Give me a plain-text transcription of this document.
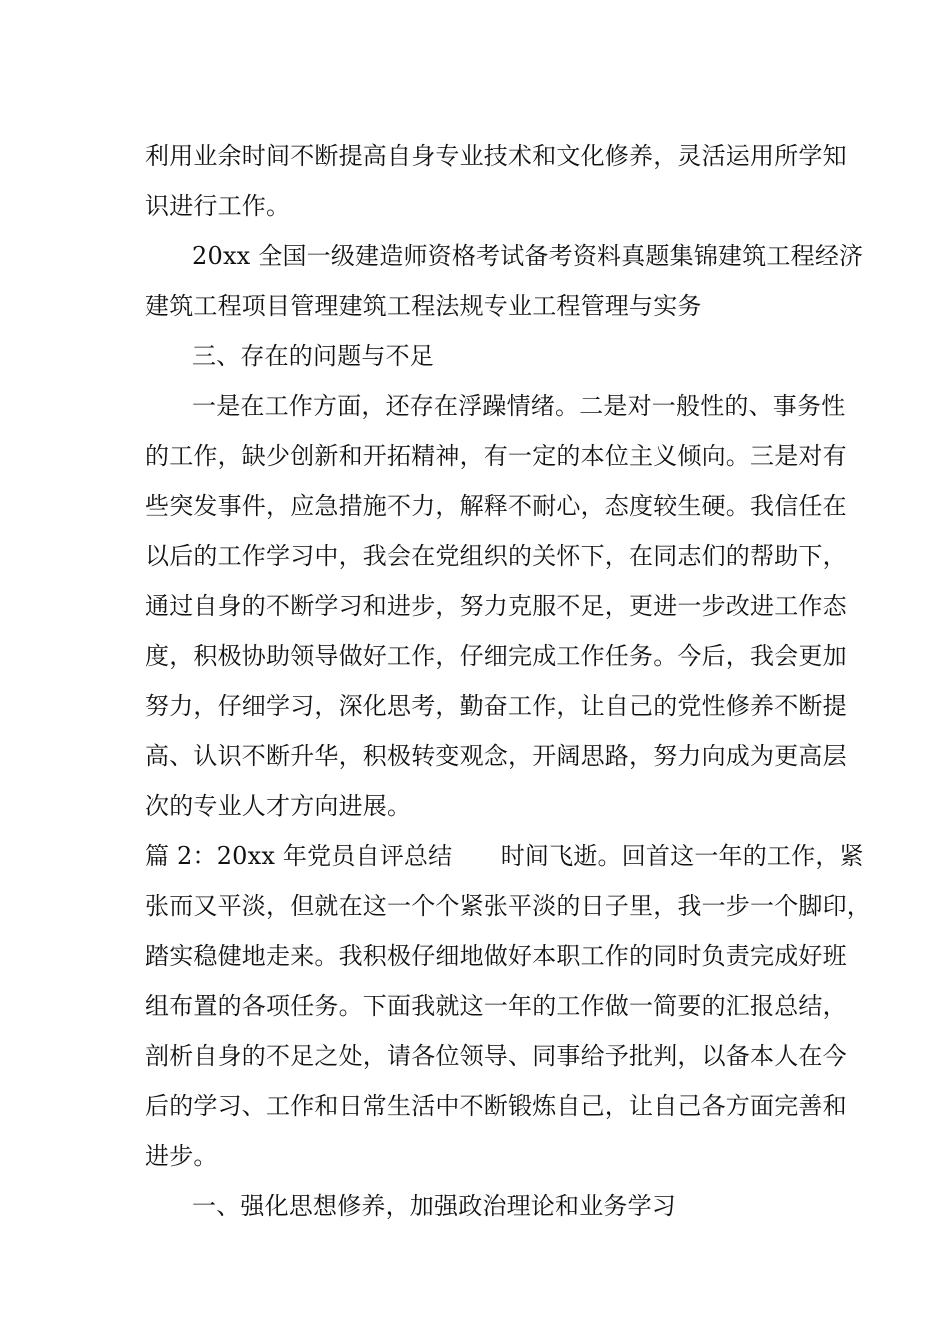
利用业余时间不断提高自身专业技术和文化修养，灵活运用所学知
识进行工作。
20xx 全国一级建造师资格考试备考资料真题集锦建筑工程经济
建筑工程项目管理建筑工程法规专业工程管理与实务
三、存在的问题与不足
一是在工作方面，还存在浮躁情绪。二是对一般性的、事务性
的工作，缺少创新和开拓精神，有一定的本位主义倾向。三是对有
些突发事件，应急措施不力，解释不耐心，态度较生硬。我信任在
以后的工作学习中，我会在党组织的关怀下，在同志们的帮助下，
通过自身的不断学习和进步，努力克服不足，更进一步改进工作态
度，积极协助领导做好工作，仔细完成工作任务。今后，我会更加
努力，仔细学习，深化思考，勤奋工作，让自己的党性修养不断提
高、认识不断升华，积极转变观念，开阔思路，努力向成为更高层
次的专业人才方向进展。
篇 2：20xx 年党员自评总结　　时间飞逝。回首这一年的工作，紧
张而又平淡，但就在这一个个紧张平淡的日子里，我一步一个脚印，
踏实稳健地走来。我积极仔细地做好本职工作的同时负责完成好班
组布置的各项任务。下面我就这一年的工作做一简要的汇报总结，
剖析自身的不足之处，请各位领导、同事给予批判，以备本人在今
后的学习、工作和日常生活中不断锻炼自己，让自己各方面完善和
进步。
一、强化思想修养，加强政治理论和业务学习
